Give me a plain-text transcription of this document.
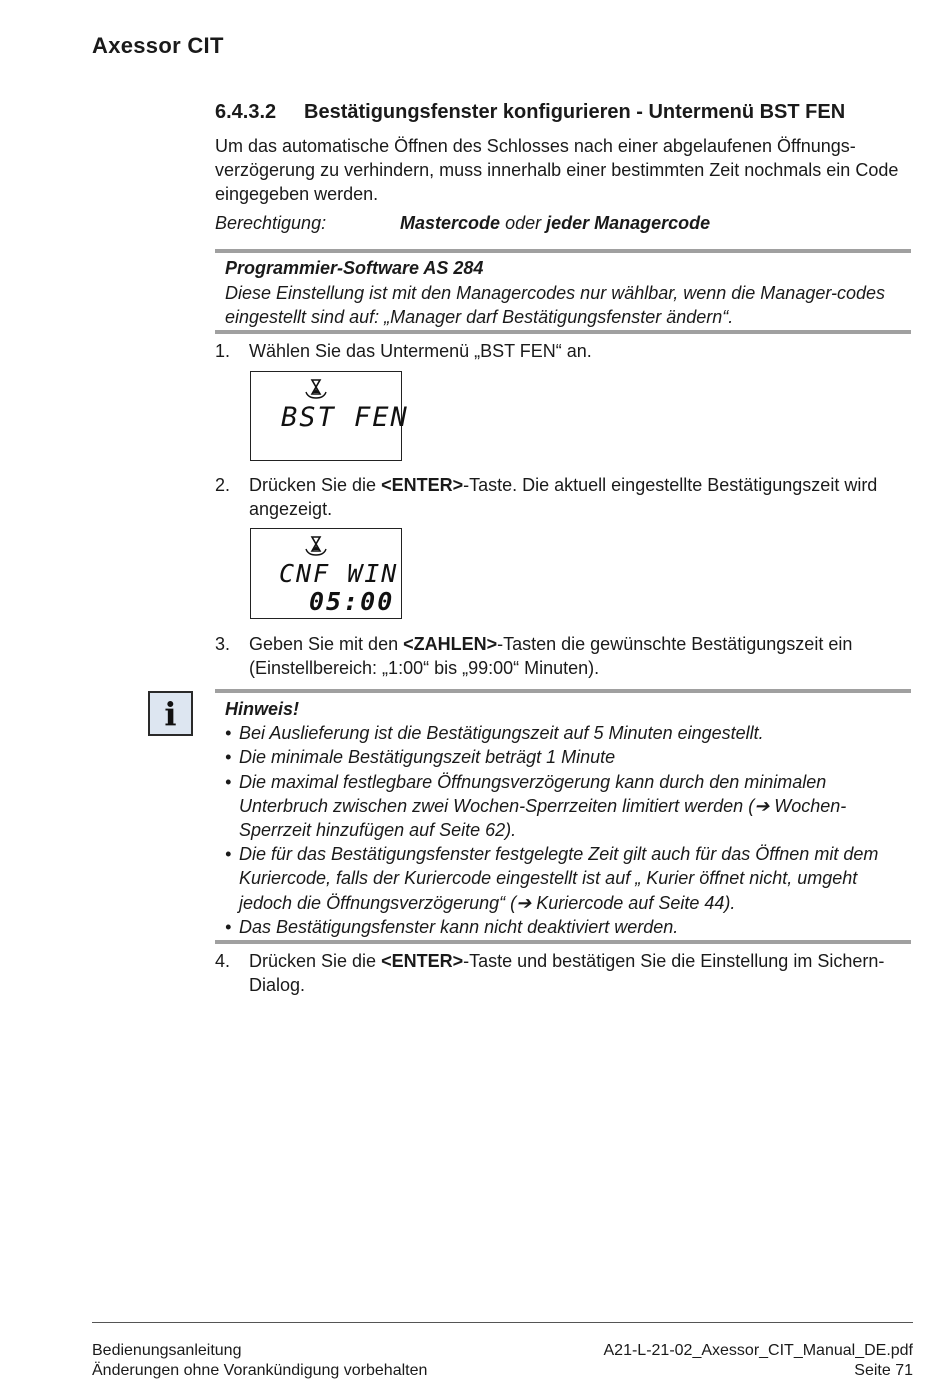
Axessor CIT
6.4.3.2 Bestätigungsfenster konfigurieren - Untermenü BST FEN
Um das automatische Öffnen des Schlosses nach einer abgelaufenen Öffnungs-verzögerung zu verhindern, muss innerhalb einer bestimmten Zeit nochmals ein Code eingegeben werden.
Berechtigung:	Mastercode oder jeder Managercode
Programmier-Software AS 284
Diese Einstellung ist mit den Managercodes nur wählbar, wenn die Manager-codes eingestellt sind auf: „Manager darf Bestätigungsfenster ändern“.
1. Wählen Sie das Untermenü „BST FEN“ an.
BST FEN
2. Drücken Sie die <ENTER>-Taste. Die aktuell eingestellte Bestätigungszeit wird angezeigt.
CNF WIN
05:00
3. Geben Sie mit den <ZAHLEN>-Tasten die gewünschte Bestätigungszeit ein (Einstellbereich: „1:00“ bis „99:00“ Minuten).
i	Hinweis!
• Bei Auslieferung ist die Bestätigungszeit auf 5 Minuten eingestellt.
• Die minimale Bestätigungszeit beträgt 1 Minute
• Die maximal festlegbare Öffnungsverzögerung kann durch den minimalen Unterbruch zwischen zwei Wochen-Sperrzeiten limitiert werden (➔ Wochen-Sperrzeit hinzufügen auf Seite 62).
• Die für das Bestätigungsfenster festgelegte Zeit gilt auch für das Öffnen mit dem Kuriercode, falls der Kuriercode eingestellt ist auf „ Kurier öffnet nicht, umgeht jedoch die Öffnungsverzögerung“ (➔ Kuriercode auf Seite 44).
• Das Bestätigungsfenster kann nicht deaktiviert werden.
4. Drücken Sie die <ENTER>-Taste und bestätigen Sie die Einstellung im Sichern-Dialog.
Bedienungsanleitung
Änderungen ohne Vorankündigung vorbehalten
A21-L-21-02_Axessor_CIT_Manual_DE.pdf
Seite 71
